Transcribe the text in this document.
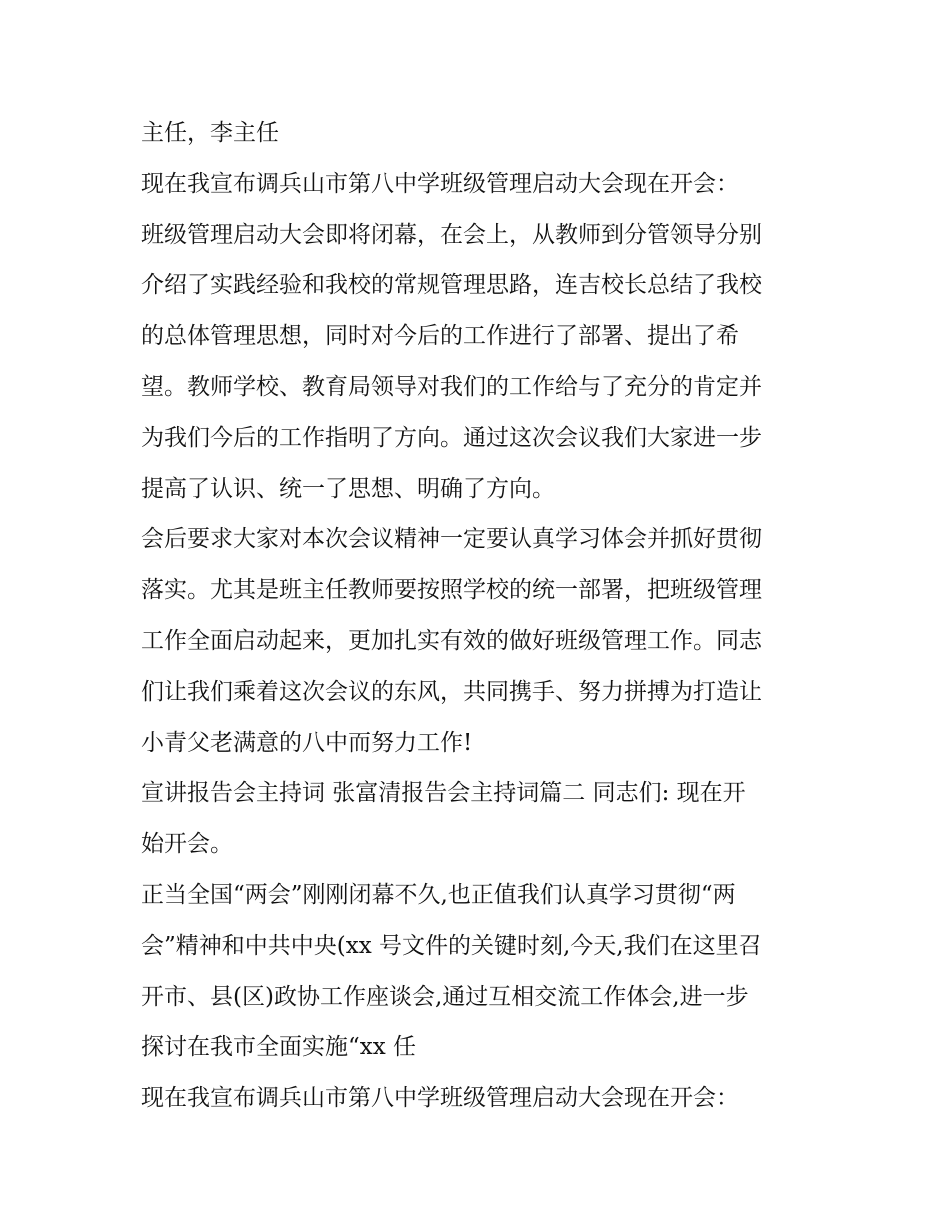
主任，李主任
现在我宣布调兵山市第八中学班级管理启动大会现在开会：
班级管理启动大会即将闭幕，在会上，从教师到分管领导分别
介绍了实践经验和我校的常规管理思路，连吉校长总结了我校
的总体管理思想，同时对今后的工作进行了部署、提出了希
望。教师学校、教育局领导对我们的工作给与了充分的肯定并
为我们今后的工作指明了方向。通过这次会议我们大家进一步
提高了认识、统一了思想、明确了方向。
会后要求大家对本次会议精神一定要认真学习体会并抓好贯彻
落实。尤其是班主任教师要按照学校的统一部署，把班级管理
工作全面启动起来，更加扎实有效的做好班级管理工作。同志
们让我们乘着这次会议的东风，共同携手、努力拼搏为打造让
小青父老满意的八中而努力工作!
宣讲报告会主持词 张富清报告会主持词篇二 同志们: 现在开
始开会。
正当全国“两会”刚刚闭幕不久,也正值我们认真学习贯彻“两
会”精神和中共中央(xx 号文件的关键时刻,今天,我们在这里召
开市、县(区)政协工作座谈会,通过互相交流工作体会,进一步
探讨在我市全面实施“xx 任
现在我宣布调兵山市第八中学班级管理启动大会现在开会：
